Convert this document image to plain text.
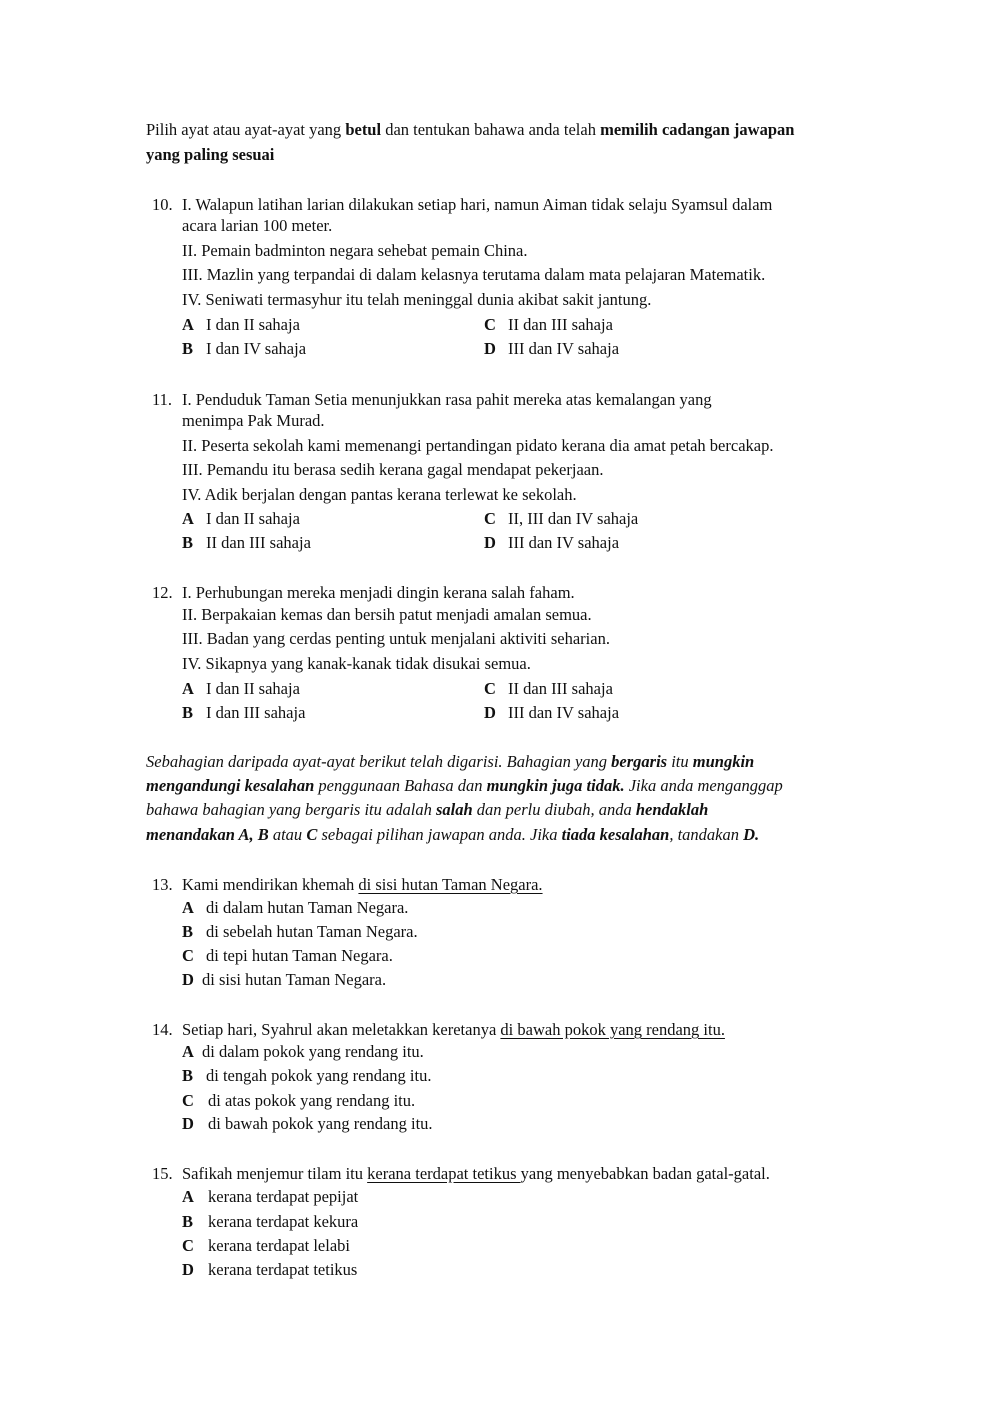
Pilih ayat atau ayat-ayat yang betul dan tentukan bahawa anda telah memilih cadangan jawapan
yang paling sesuai
10. I. Walapun latihan larian dilakukan setiap hari, namun Aiman tidak selaju Syamsul dalam
acara larian 100 meter.
II. Pemain badminton negara sehebat pemain China.
III. Mazlin yang terpandai di dalam kelasnya terutama dalam mata pelajaran Matematik.
IV. Seniwati termasyhur itu telah meninggal dunia akibat sakit jantung.
A I dan II sahaja
B I dan IV sahaja
C II dan III sahaja
D III dan IV sahaja
11. I. Penduduk Taman Setia menunjukkan rasa pahit mereka atas kemalangan yang
menimpa Pak Murad.
II. Peserta sekolah kami memenangi pertandingan pidato kerana dia amat petah bercakap.
III. Pemandu itu berasa sedih kerana gagal mendapat pekerjaan.
IV. Adik berjalan dengan pantas kerana terlewat ke sekolah.
A I dan II sahaja
B II dan III sahaja
C II, III dan IV sahaja
D III dan IV sahaja
12. I. Perhubungan mereka menjadi dingin kerana salah faham.
II. Berpakaian kemas dan bersih patut menjadi amalan semua.
III. Badan yang cerdas penting untuk menjalani aktiviti seharian.
IV. Sikapnya yang kanak-kanak tidak disukai semua.
A I dan II sahaja
B I dan III sahaja
C II dan III sahaja
D III dan IV sahaja
Sebahagian daripada ayat-ayat berikut telah digarisi. Bahagian yang bergaris itu mungkin
mengandungi kesalahan penggunaan Bahasa dan mungkin juga tidak. Jika anda menganggap
bahawa bahagian yang bergaris itu adalah salah dan perlu diubah, anda hendaklah
menandakan A, B atau C sebagai pilihan jawapan anda. Jika tiada kesalahan, tandakan D.
13. Kami mendirikan khemah di sisi hutan Taman Negara.
A di dalam hutan Taman Negara.
B di sebelah hutan Taman Negara.
C di tepi hutan Taman Negara.
D di sisi hutan Taman Negara.
14. Setiap hari, Syahrul akan meletakkan keretanya di bawah pokok yang rendang itu.
A di dalam pokok yang rendang itu.
B di tengah pokok yang rendang itu.
C di atas pokok yang rendang itu.
D di bawah pokok yang rendang itu.
15. Safikah menjemur tilam itu kerana terdapat tetikus yang menyebabkan badan gatal-gatal.
A kerana terdapat pepijat
B kerana terdapat kekura
C kerana terdapat lelabi
D kerana terdapat tetikus
